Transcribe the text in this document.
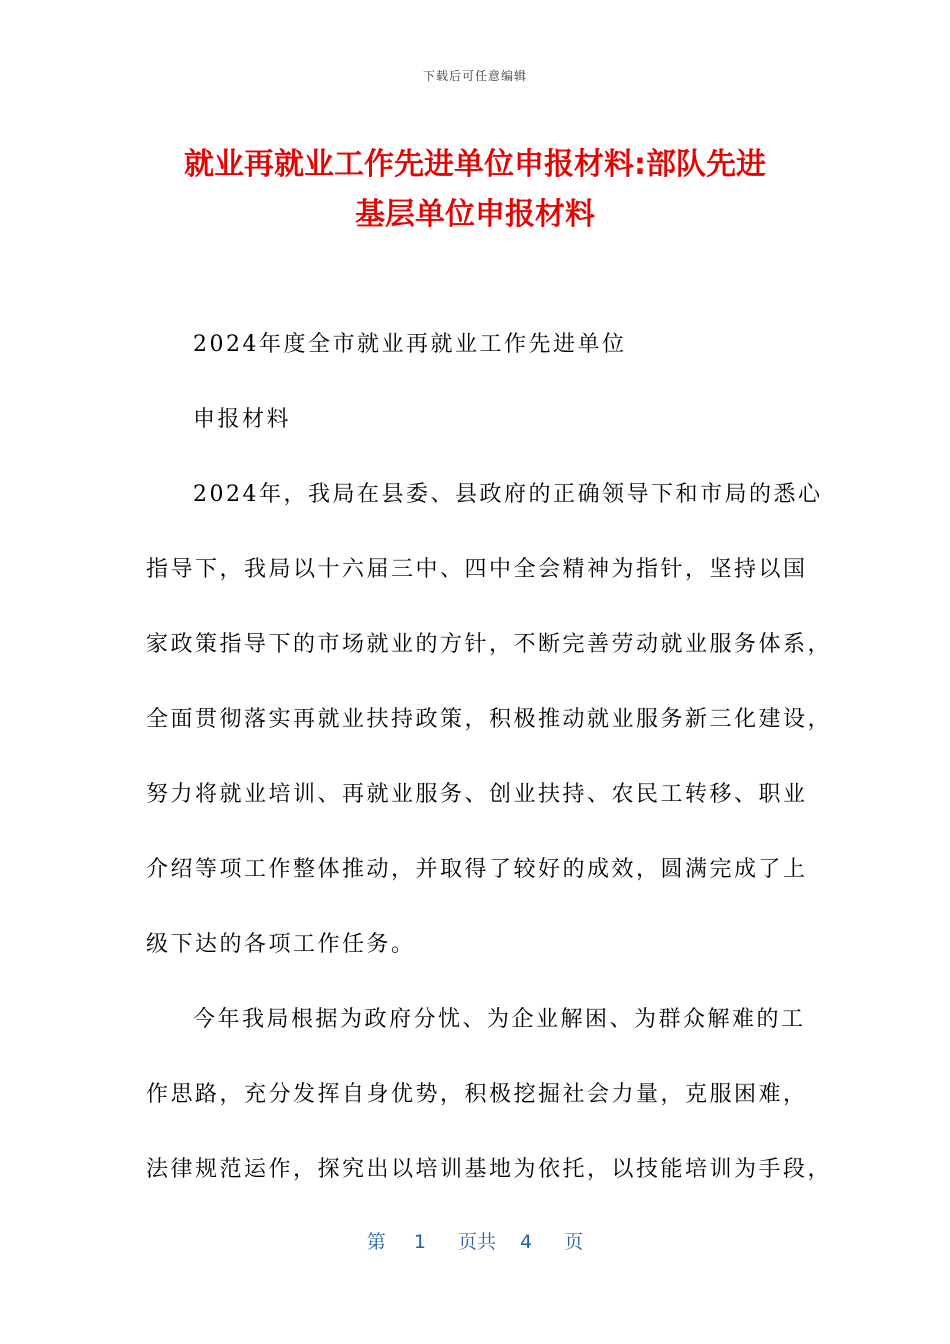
下载后可任意编辑
就业再就业工作先进单位申报材料:部队先进
基层单位申报材料
2024年度全市就业再就业工作先进单位
申报材料
2024年，我局在县委、县政府的正确领导下和市局的悉心
指导下，我局以十六届三中、四中全会精神为指针，坚持以国
家政策指导下的市场就业的方针，不断完善劳动就业服务体系，
全面贯彻落实再就业扶持政策，积极推动就业服务新三化建设，
努力将就业培训、再就业服务、创业扶持、农民工转移、职业
介绍等项工作整体推动，并取得了较好的成效，圆满完成了上
级下达的各项工作任务。
今年我局根据为政府分忧、为企业解困、为群众解难的工
作思路，充分发挥自身优势，积极挖掘社会力量，克服困难，
法律规范运作，探究出以培训基地为依托，以技能培训为手段，
第 1 页共 4 页
